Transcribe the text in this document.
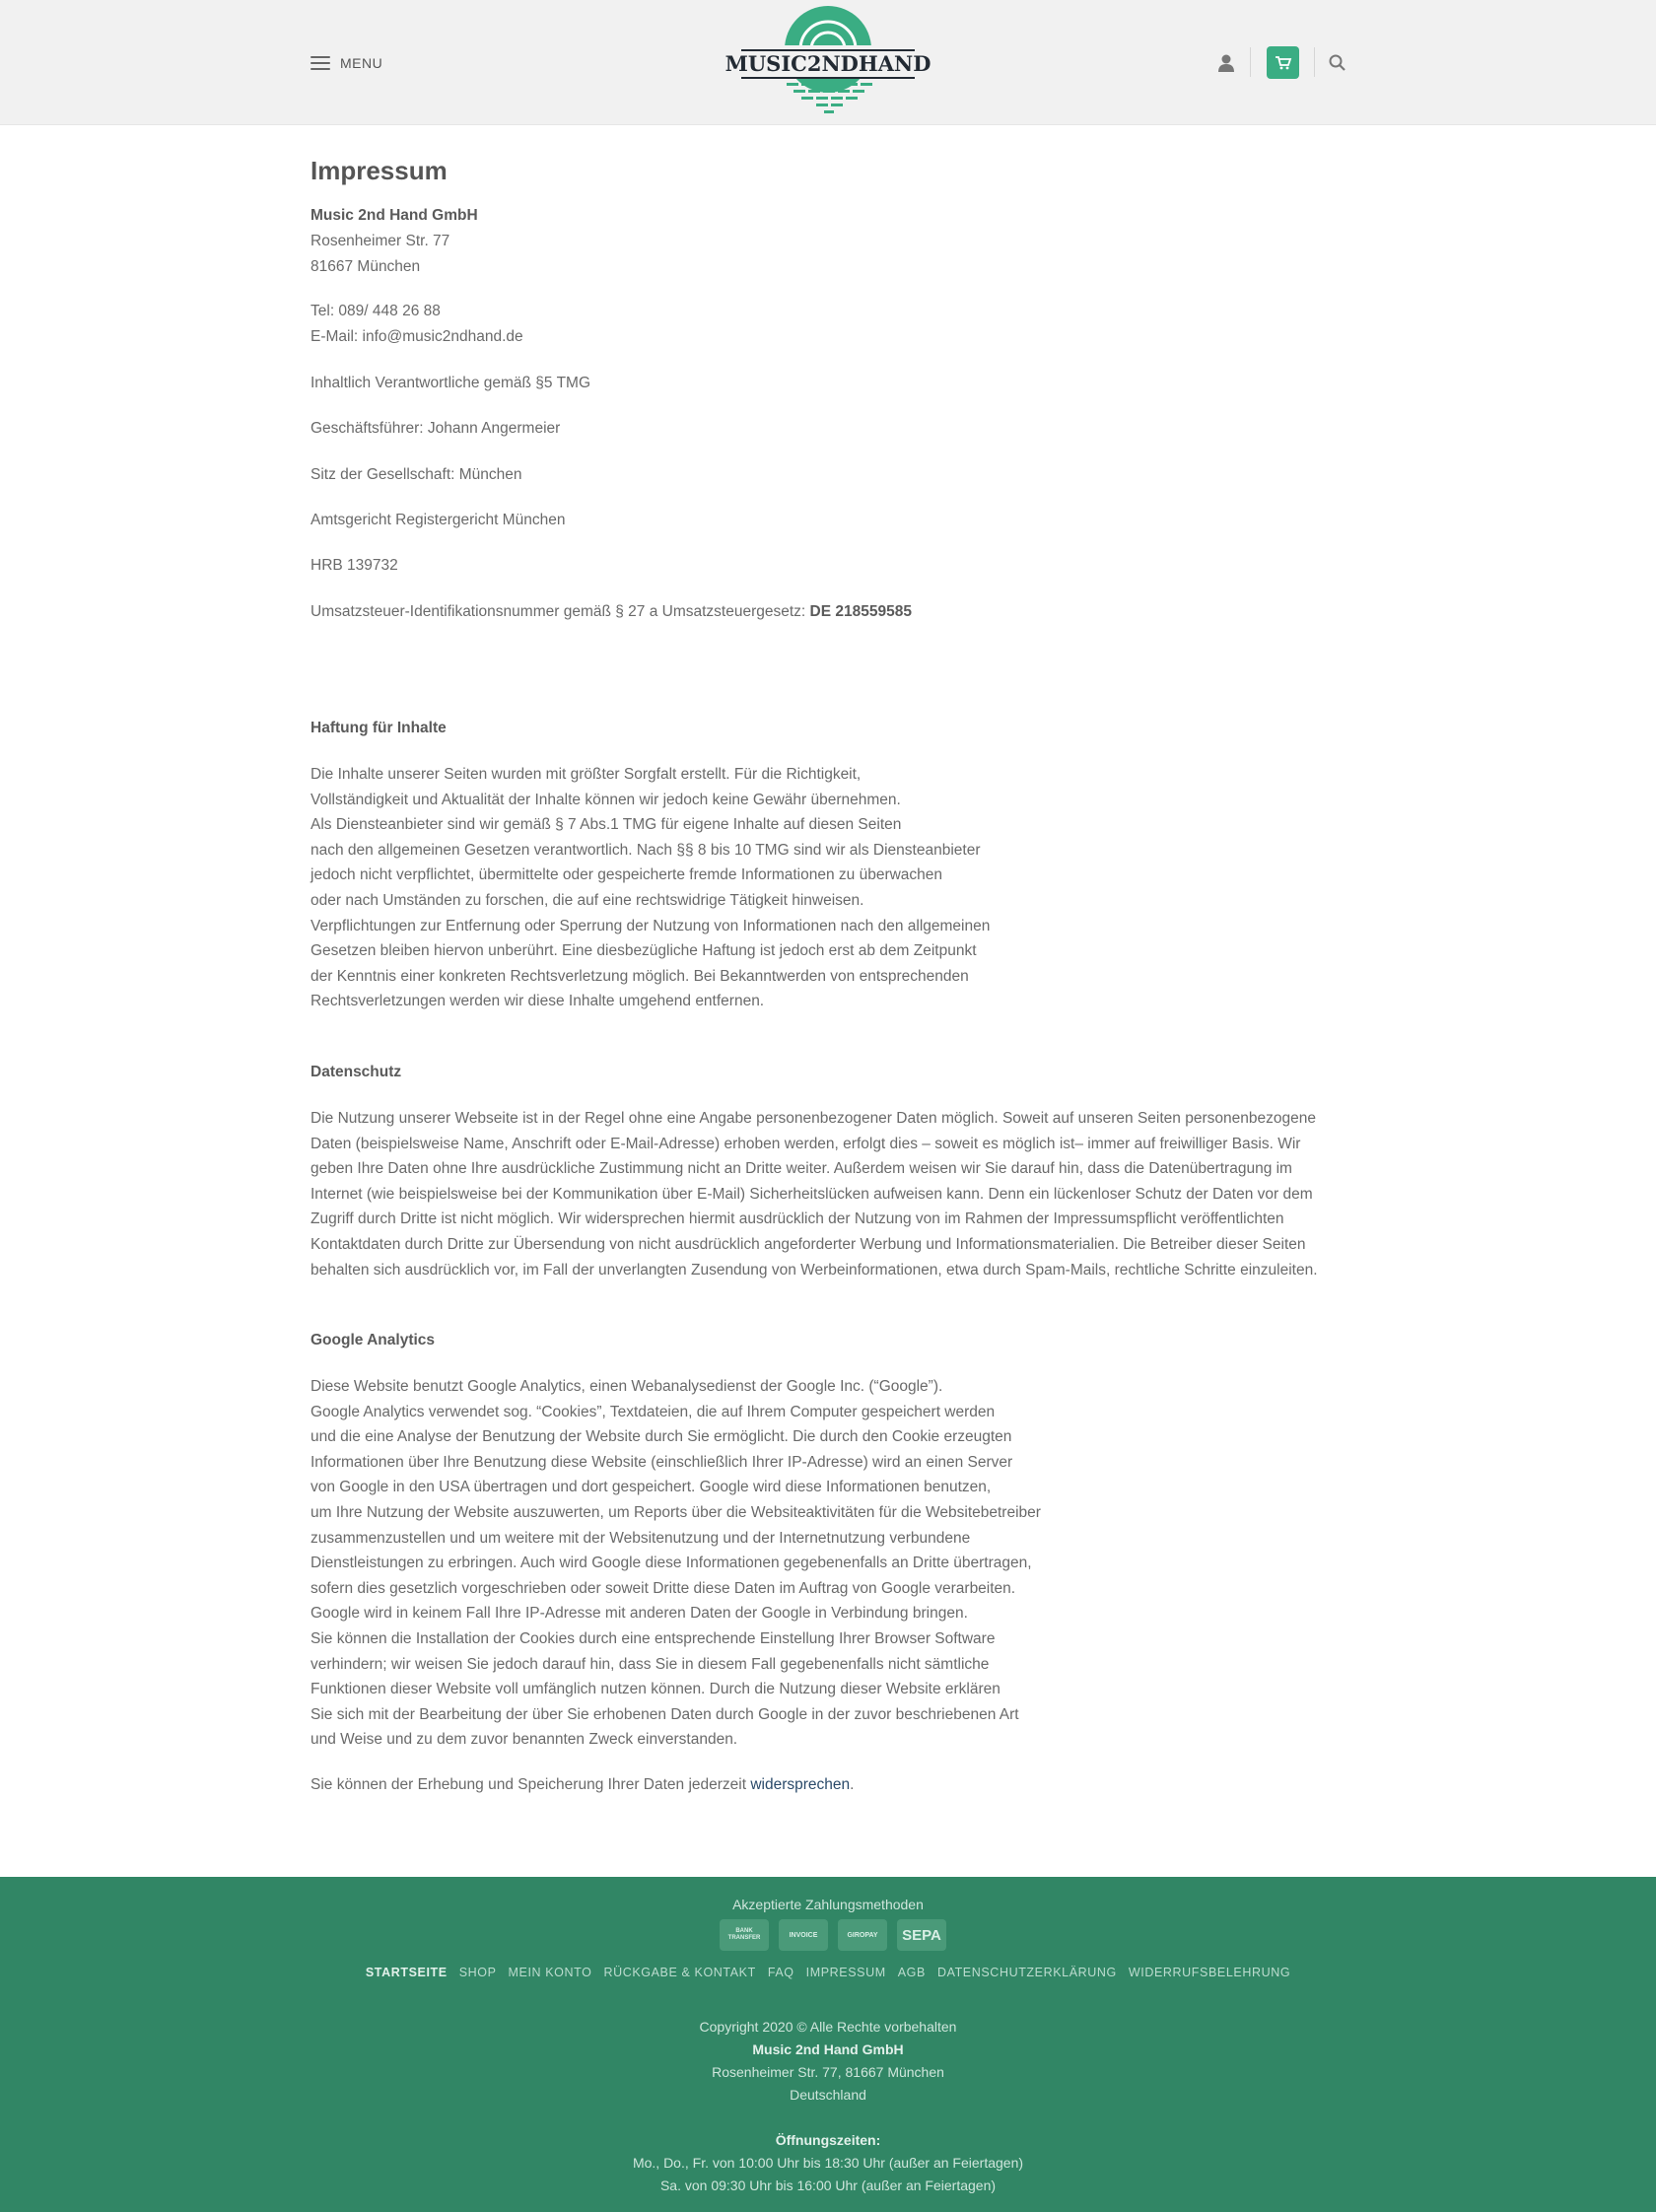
MENU	MUSIC2NDHAND
Impressum
Music 2nd Hand GmbH
Rosenheimer Str. 77
81667 München
Tel: 089/ 448 26 88
E-Mail: info@music2ndhand.de
Inhaltlich Verantwortliche gemäß §5 TMG
Geschäftsführer: Johann Angermeier
Sitz der Gesellschaft: München
Amtsgericht Registergericht München
HRB 139732
Umsatzsteuer-Identifikationsnummer gemäß § 27 a Umsatzsteuergesetz: DE 218559585
Haftung für Inhalte
Die Inhalte unserer Seiten wurden mit größter Sorgfalt erstellt. Für die Richtigkeit,
Vollständigkeit und Aktualität der Inhalte können wir jedoch keine Gewähr übernehmen.
Als Diensteanbieter sind wir gemäß § 7 Abs.1 TMG für eigene Inhalte auf diesen Seiten
nach den allgemeinen Gesetzen verantwortlich. Nach §§ 8 bis 10 TMG sind wir als Diensteanbieter
jedoch nicht verpflichtet, übermittelte oder gespeicherte fremde Informationen zu überwachen
oder nach Umständen zu forschen, die auf eine rechtswidrige Tätigkeit hinweisen.
Verpflichtungen zur Entfernung oder Sperrung der Nutzung von Informationen nach den allgemeinen
Gesetzen bleiben hiervon unberührt. Eine diesbezügliche Haftung ist jedoch erst ab dem Zeitpunkt
der Kenntnis einer konkreten Rechtsverletzung möglich. Bei Bekanntwerden von entsprechenden
Rechtsverletzungen werden wir diese Inhalte umgehend entfernen.
Datenschutz
Die Nutzung unserer Webseite ist in der Regel ohne eine Angabe personenbezogener Daten möglich. Soweit auf unseren Seiten personenbezogene
Daten (beispielsweise Name, Anschrift oder E-Mail-Adresse) erhoben werden, erfolgt dies – soweit es möglich ist– immer auf freiwilliger Basis. Wir
geben Ihre Daten ohne Ihre ausdrückliche Zustimmung nicht an Dritte weiter. Außerdem weisen wir Sie darauf hin, dass die Datenübertragung im
Internet (wie beispielsweise bei der Kommunikation über E-Mail) Sicherheitslücken aufweisen kann. Denn ein lückenloser Schutz der Daten vor dem
Zugriff durch Dritte ist nicht möglich. Wir widersprechen hiermit ausdrücklich der Nutzung von im Rahmen der Impressumspflicht veröffentlichten
Kontaktdaten durch Dritte zur Übersendung von nicht ausdrücklich angeforderter Werbung und Informationsmaterialien. Die Betreiber dieser Seiten
behalten sich ausdrücklich vor, im Fall der unverlangten Zusendung von Werbeinformationen, etwa durch Spam-Mails, rechtliche Schritte einzuleiten.
Google Analytics
Diese Website benutzt Google Analytics, einen Webanalysedienst der Google Inc. (“Google”).
Google Analytics verwendet sog. “Cookies”, Textdateien, die auf Ihrem Computer gespeichert werden
und die eine Analyse der Benutzung der Website durch Sie ermöglicht. Die durch den Cookie erzeugten
Informationen über Ihre Benutzung diese Website (einschließlich Ihrer IP-Adresse) wird an einen Server
von Google in den USA übertragen und dort gespeichert. Google wird diese Informationen benutzen,
um Ihre Nutzung der Website auszuwerten, um Reports über die Websiteaktivitäten für die Websitebetreiber
zusammenzustellen und um weitere mit der Websitenutzung und der Internetnutzung verbundene
Dienstleistungen zu erbringen. Auch wird Google diese Informationen gegebenenfalls an Dritte übertragen,
sofern dies gesetzlich vorgeschrieben oder soweit Dritte diese Daten im Auftrag von Google verarbeiten.
Google wird in keinem Fall Ihre IP-Adresse mit anderen Daten der Google in Verbindung bringen.
Sie können die Installation der Cookies durch eine entsprechende Einstellung Ihrer Browser Software
verhindern; wir weisen Sie jedoch darauf hin, dass Sie in diesem Fall gegebenenfalls nicht sämtliche
Funktionen dieser Website voll umfänglich nutzen können. Durch die Nutzung dieser Website erklären
Sie sich mit der Bearbeitung der über Sie erhobenen Daten durch Google in der zuvor beschriebenen Art
und Weise und zu dem zuvor benannten Zweck einverstanden.
Sie können der Erhebung und Speicherung Ihrer Daten jederzeit widersprechen.
Akzeptierte Zahlungsmethoden
BANK TRANSFER	INVOICE	GIROPAY	SEPA
STARTSEITE SHOP MEIN KONTO RÜCKGABE & KONTAKT FAQ IMPRESSUM AGB DATENSCHUTZERKLÄRUNG WIDERRUFSBELEHRUNG
Copyright 2020 © Alle Rechte vorbehalten
Music 2nd Hand GmbH
Rosenheimer Str. 77, 81667 München
Deutschland
Öffnungszeiten:
Mo., Do., Fr. von 10:00 Uhr bis 18:30 Uhr (außer an Feiertagen)
Sa. von 09:30 Uhr bis 16:00 Uhr (außer an Feiertagen)
